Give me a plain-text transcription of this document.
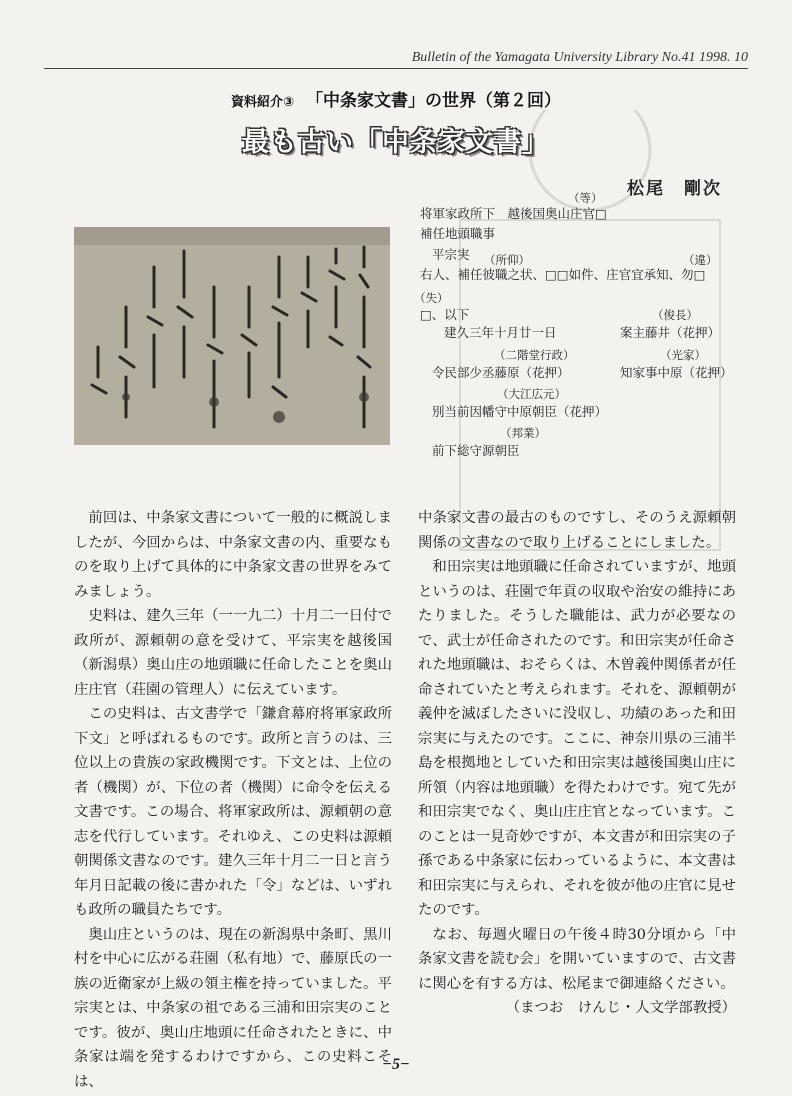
Bulletin of the Yamagata University Library No.41 1998. 10
資料紹介③ 「中条家文書」の世界（第２回）
最も古い「中条家文書」
松尾　剛次
（等）
将軍家政所下　越後国奥山庄官□
補任地頭職事
平宗実 （所仰）	（違）
右人、補任彼職之状、□□如件、庄官宜承知、勿□
（失）
□、以下	（俊長）
建久三年十月廿一日	案主藤井（花押）
（二階堂行政）	（光家）
令民部少丞藤原（花押）	知家事中原（花押）
（大江広元）
別当前因幡守中原朝臣（花押）
（邦業）
前下総守源朝臣

前回は、中条家文書について一般的に概説しましたが、今回からは、中条家文書の内、重要なものを取り上げて具体的に中条家文書の世界をみてみましょう。

史料は、建久三年（一一九二）十月二一日付で政所が、源頼朝の意を受けて、平宗実を越後国（新潟県）奥山庄の地頭職に任命したことを奥山庄庄官（荘園の管理人）に伝えています。

この史料は、古文書学で「鎌倉幕府将軍家政所下文」と呼ばれるものです。政所と言うのは、三位以上の貴族の家政機関です。下文とは、上位の者（機関）が、下位の者（機関）に命令を伝える文書です。この場合、将軍家政所は、源頼朝の意志を代行しています。それゆえ、この史料は源頼朝関係文書なのです。建久三年十月二一日と言う年月日記載の後に書かれた「令」などは、いずれも政所の職員たちです。

奥山庄というのは、現在の新潟県中条町、黒川村を中心に広がる荘園（私有地）で、藤原氏の一族の近衛家が上級の領主権を持っていました。平宗実とは、中条家の祖である三浦和田宗実のことです。彼が、奥山庄地頭に任命されたときに、中条家は端を発するわけですから、この史料こそは、

中条家文書の最古のものですし、そのうえ源頼朝関係の文書なので取り上げることにしました。

和田宗実は地頭職に任命されていますが、地頭というのは、荘園で年貢の収取や治安の維持にあたりました。そうした職能は、武力が必要なので、武士が任命されたのです。和田宗実が任命された地頭職は、おそらくは、木曽義仲関係者が任命されていたと考えられます。それを、源頼朝が義仲を滅ぼしたさいに没収し、功績のあった和田宗実に与えたのです。ここに、神奈川県の三浦半島を根拠地としていた和田宗実は越後国奥山庄に所領（内容は地頭職）を得たわけです。宛て先が和田宗実でなく、奥山庄庄官となっています。このことは一見奇妙ですが、本文書が和田宗実の子孫である中条家に伝わっているように、本文書は和田宗実に与えられ、それを彼が他の庄官に見せたのです。

なお、毎週火曜日の午後４時30分頃から「中条家文書を読む会」を開いていますので、古文書に関心を有する方は、松尾まで御連絡ください。

（まつお　けんじ・人文学部教授）

−5−
